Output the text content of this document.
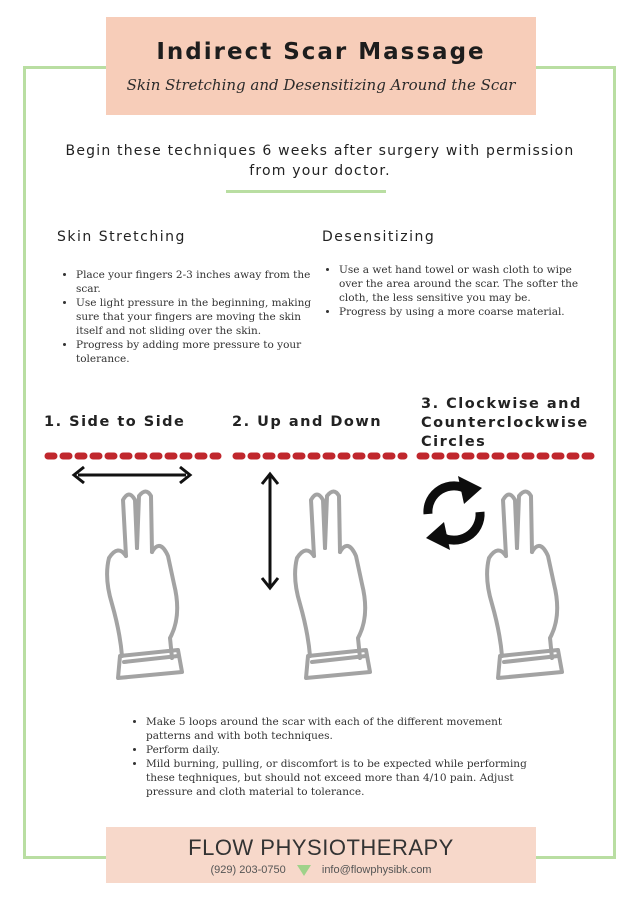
Indirect Scar Massage
Skin Stretching and Desensitizing Around the Scar
Begin these techniques 6 weeks after surgery with permission from your doctor.
Skin Stretching
• Place your fingers 2-3 inches away from the scar.
• Use light pressure in the beginning, making sure that your fingers are moving the skin itself and not sliding over the skin.
• Progress by adding more pressure to your tolerance.
Desensitizing
• Use a wet hand towel or wash cloth to wipe over the area around the scar. The softer the cloth, the less sensitive you may be.
• Progress by using a more coarse material.
1. Side to Side	2. Up and Down
3. Clockwise and
Counterclockwise
Circles
• Make 5 loops around the scar with each of the different movement patterns and with both techniques.
• Perform daily.
• Mild burning, pulling, or discomfort is to be expected while performing these teqhniques, but should not exceed more than 4/10 pain. Adjust pressure and cloth material to tolerance.
FLOW PHYSIOTHERAPY
(929) 203-0750	info@flowphysibk.com
